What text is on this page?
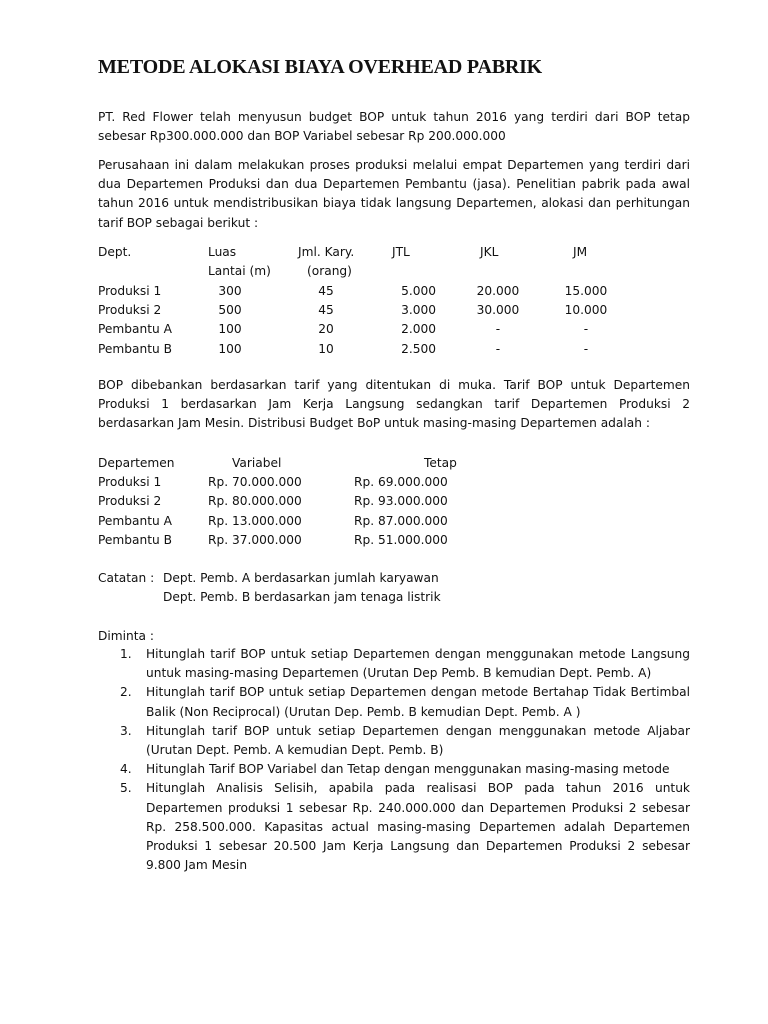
METODE ALOKASI BIAYA OVERHEAD PABRIK

PT. Red Flower telah menyusun budget BOP untuk tahun 2016 yang terdiri dari BOP tetap sebesar Rp300.000.000 dan BOP Variabel sebesar Rp 200.000.000

Perusahaan ini dalam melakukan proses produksi melalui empat Departemen yang terdiri dari dua Departemen Produksi dan dua Departemen Pembantu (jasa). Penelitian pabrik pada awal tahun 2016 untuk mendistribusikan biaya tidak langsung Departemen, alokasi dan perhitungan tarif BOP sebagai berikut :

Dept.	Luas	Jml. Kary.	JTL	JKL	JM
Lantai (m)	(orang)
Produksi 1	300	45	5.000	20.000	15.000
Produksi 2	500	45	3.000	30.000	10.000
Pembantu A	100	20	2.000	-	-
Pembantu B	100	10	2.500	-	-

BOP dibebankan berdasarkan tarif yang ditentukan di muka. Tarif BOP untuk Departemen Produksi 1 berdasarkan Jam Kerja Langsung sedangkan tarif Departemen Produksi 2 berdasarkan Jam Mesin. Distribusi Budget BoP untuk masing-masing Departemen adalah :

Departemen	Variabel	Tetap
Produksi 1	Rp. 70.000.000	Rp. 69.000.000
Produksi 2	Rp. 80.000.000	Rp. 93.000.000
Pembantu A	Rp. 13.000.000	Rp. 87.000.000
Pembantu B	Rp. 37.000.000	Rp. 51.000.000
Catatan : Dept. Pemb. A berdasarkan jumlah karyawan
Dept. Pemb. B berdasarkan jam tenaga listrik
Diminta :
1. Hitunglah tarif BOP untuk setiap Departemen dengan menggunakan metode Langsung untuk masing-masing Departemen (Urutan Dep Pemb. B kemudian Dept. Pemb. A)
2. Hitunglah tarif BOP untuk setiap Departemen dengan metode Bertahap Tidak Bertimbal Balik (Non Reciprocal) (Urutan Dep. Pemb. B kemudian Dept. Pemb. A )
3. Hitunglah tarif BOP untuk setiap Departemen dengan menggunakan metode Aljabar (Urutan Dept. Pemb. A kemudian Dept. Pemb. B)
4. Hitunglah Tarif BOP Variabel dan Tetap dengan menggunakan masing-masing metode
5. Hitunglah Analisis Selisih, apabila pada realisasi BOP pada tahun 2016 untuk Departemen produksi 1 sebesar Rp. 240.000.000 dan Departemen Produksi 2 sebesar Rp. 258.500.000. Kapasitas actual masing-masing Departemen adalah Departemen Produksi 1 sebesar 20.500 Jam Kerja Langsung dan Departemen Produksi 2 sebesar 9.800 Jam Mesin
